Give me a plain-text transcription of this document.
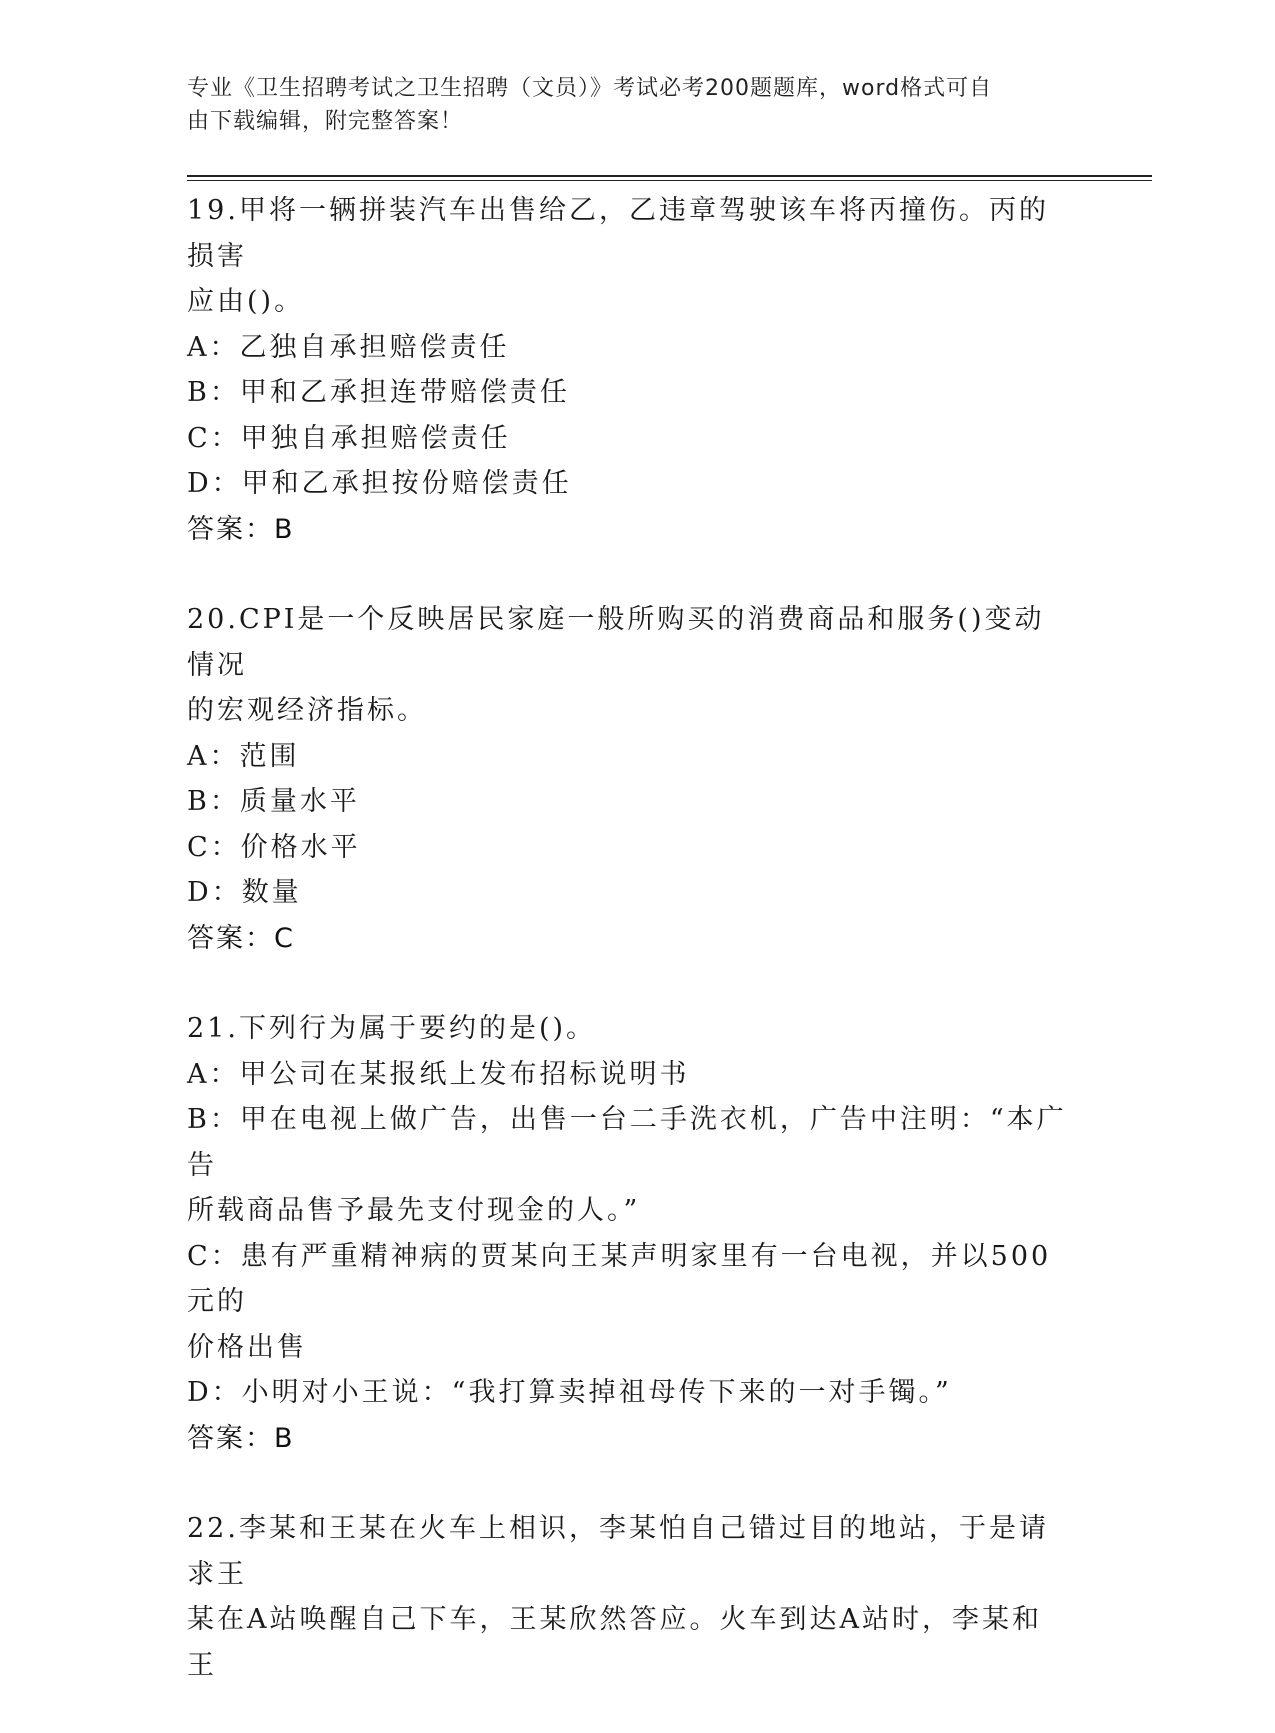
专业《卫生招聘考试之卫生招聘（文员）》考试必考200题题库，word格式可自
由下载编辑，附完整答案！

19.甲将一辆拼装汽车出售给乙，乙违章驾驶该车将丙撞伤。丙的损害

应由()。

A：乙独自承担赔偿责任

B：甲和乙承担连带赔偿责任

C：甲独自承担赔偿责任

D：甲和乙承担按份赔偿责任

答案：B

20.CPI是一个反映居民家庭一般所购买的消费商品和服务()变动情况

的宏观经济指标。

A：范围

B：质量水平

C：价格水平

D：数量

答案：C

21.下列行为属于要约的是()。

A：甲公司在某报纸上发布招标说明书

B：甲在电视上做广告，出售一台二手洗衣机，广告中注明：“本广告

所载商品售予最先支付现金的人。”

C：患有严重精神病的贾某向王某声明家里有一台电视，并以500元的

价格出售

D：小明对小王说：“我打算卖掉祖母传下来的一对手镯。”

答案：B

22.李某和王某在火车上相识，李某怕自己错过目的地站，于是请求王

某在A站唤醒自己下车，王某欣然答应。火车到达A站时，李某和王
